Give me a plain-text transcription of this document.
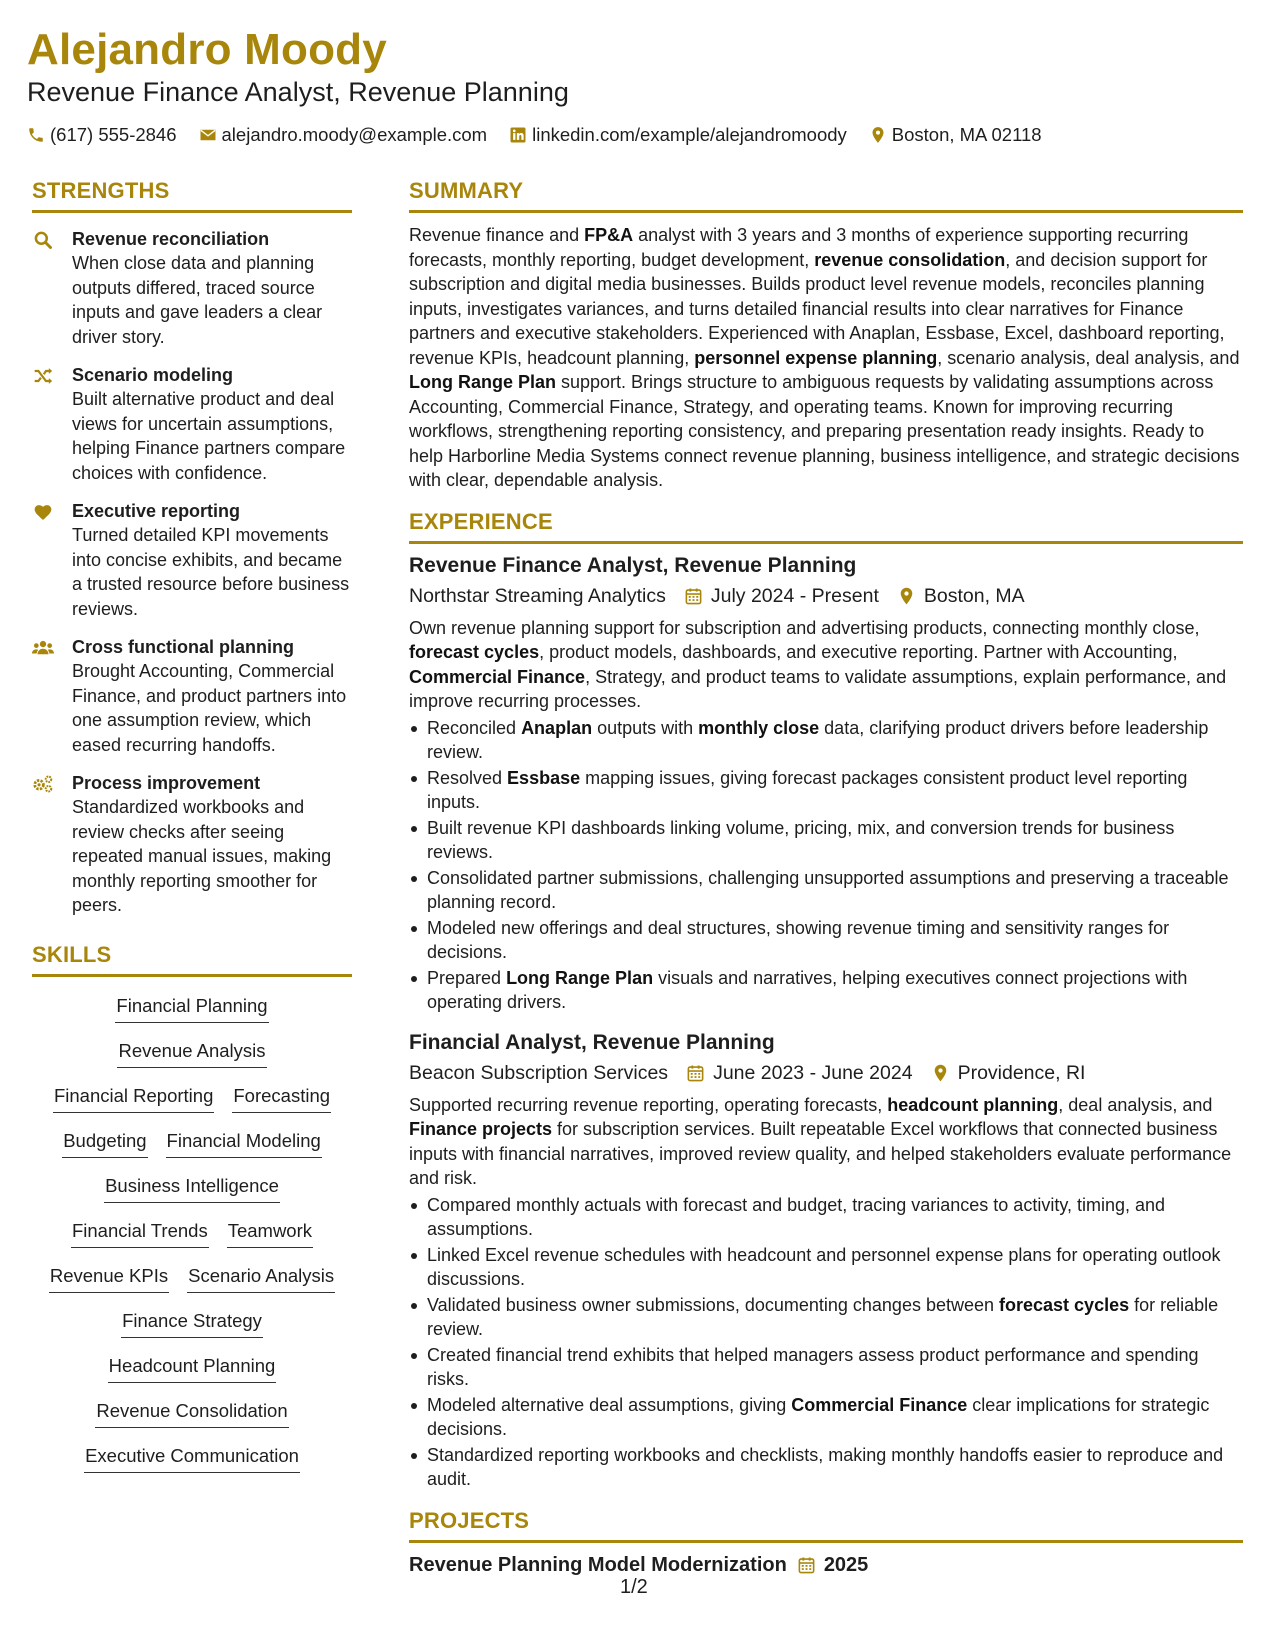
Alejandro Moody
Revenue Finance Analyst, Revenue Planning
(617) 555-2846 alejandro.moody@example.com linkedin.com/example/alejandromoody Boston, MA 02118
STRENGTHS
Revenue reconciliation
When close data and planning outputs differed, traced source inputs and gave leaders a clear driver story.
Scenario modeling
Built alternative product and deal views for uncertain assumptions, helping Finance partners compare choices with confidence.
Executive reporting
Turned detailed KPI movements into concise exhibits, and became a trusted resource before business reviews.
Cross functional planning
Brought Accounting, Commercial Finance, and product partners into one assumption review, which eased recurring handoffs.
Process improvement
Standardized workbooks and review checks after seeing repeated manual issues, making monthly reporting smoother for peers.
SKILLS
Financial Planning
Revenue Analysis
Financial Reporting Forecasting
Budgeting Financial Modeling
Business Intelligence
Financial Trends Teamwork
Revenue KPIs Scenario Analysis
Finance Strategy
Headcount Planning
Revenue Consolidation
Executive Communication
SUMMARY
Revenue finance and FP&A analyst with 3 years and 3 months of experience supporting recurring forecasts, monthly reporting, budget development, revenue consolidation, and decision support for subscription and digital media businesses. Builds product level revenue models, reconciles planning inputs, investigates variances, and turns detailed financial results into clear narratives for Finance partners and executive stakeholders. Experienced with Anaplan, Essbase, Excel, dashboard reporting, revenue KPIs, headcount planning, personnel expense planning, scenario analysis, deal analysis, and Long Range Plan support. Brings structure to ambiguous requests by validating assumptions across Accounting, Commercial Finance, Strategy, and operating teams. Known for improving recurring workflows, strengthening reporting consistency, and preparing presentation ready insights. Ready to help Harborline Media Systems connect revenue planning, business intelligence, and strategic decisions with clear, dependable analysis.
EXPERIENCE
Revenue Finance Analyst, Revenue Planning
Northstar Streaming Analytics July 2024 - Present Boston, MA
Own revenue planning support for subscription and advertising products, connecting monthly close, forecast cycles, product models, dashboards, and executive reporting. Partner with Accounting, Commercial Finance, Strategy, and product teams to validate assumptions, explain performance, and improve recurring processes.
Reconciled Anaplan outputs with monthly close data, clarifying product drivers before leadership review.
Resolved Essbase mapping issues, giving forecast packages consistent product level reporting inputs.
Built revenue KPI dashboards linking volume, pricing, mix, and conversion trends for business reviews.
Consolidated partner submissions, challenging unsupported assumptions and preserving a traceable planning record.
Modeled new offerings and deal structures, showing revenue timing and sensitivity ranges for decisions.
Prepared Long Range Plan visuals and narratives, helping executives connect projections with operating drivers.
Financial Analyst, Revenue Planning
Beacon Subscription Services June 2023 - June 2024 Providence, RI
Supported recurring revenue reporting, operating forecasts, headcount planning, deal analysis, and Finance projects for subscription services. Built repeatable Excel workflows that connected business inputs with financial narratives, improved review quality, and helped stakeholders evaluate performance and risk.
Compared monthly actuals with forecast and budget, tracing variances to activity, timing, and assumptions.
Linked Excel revenue schedules with headcount and personnel expense plans for operating outlook discussions.
Validated business owner submissions, documenting changes between forecast cycles for reliable review.
Created financial trend exhibits that helped managers assess product performance and spending risks.
Modeled alternative deal assumptions, giving Commercial Finance clear implications for strategic decisions.
Standardized reporting workbooks and checklists, making monthly handoffs easier to reproduce and audit.
PROJECTS
Revenue Planning Model Modernization 2025
1/2
